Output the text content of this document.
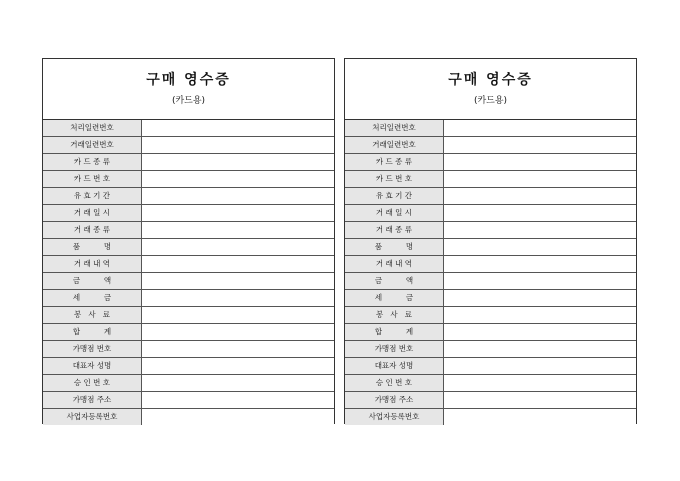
구매 영수증
(카드용)
처리일련번호
거래일련번호
카 드 종 류
카 드 번 호
유 효 기 간
거 래 일 시
거 래 종 류
품          명
거 래 내 역
금          액
세          금
봉   사   료
합          계
가맹점 번호
대표자 성명
승 인 번 호
가맹점 주소
사업자등록번호
구매 영수증
(카드용)
처리일련번호
거래일련번호
카 드 종 류
카 드 번 호
유 효 기 간
거 래 일 시
거 래 종 류
품          명
거 래 내 역
금          액
세          금
봉   사   료
합          계
가맹점 번호
대표자 성명
승 인 번 호
가맹점 주소
사업자등록번호
